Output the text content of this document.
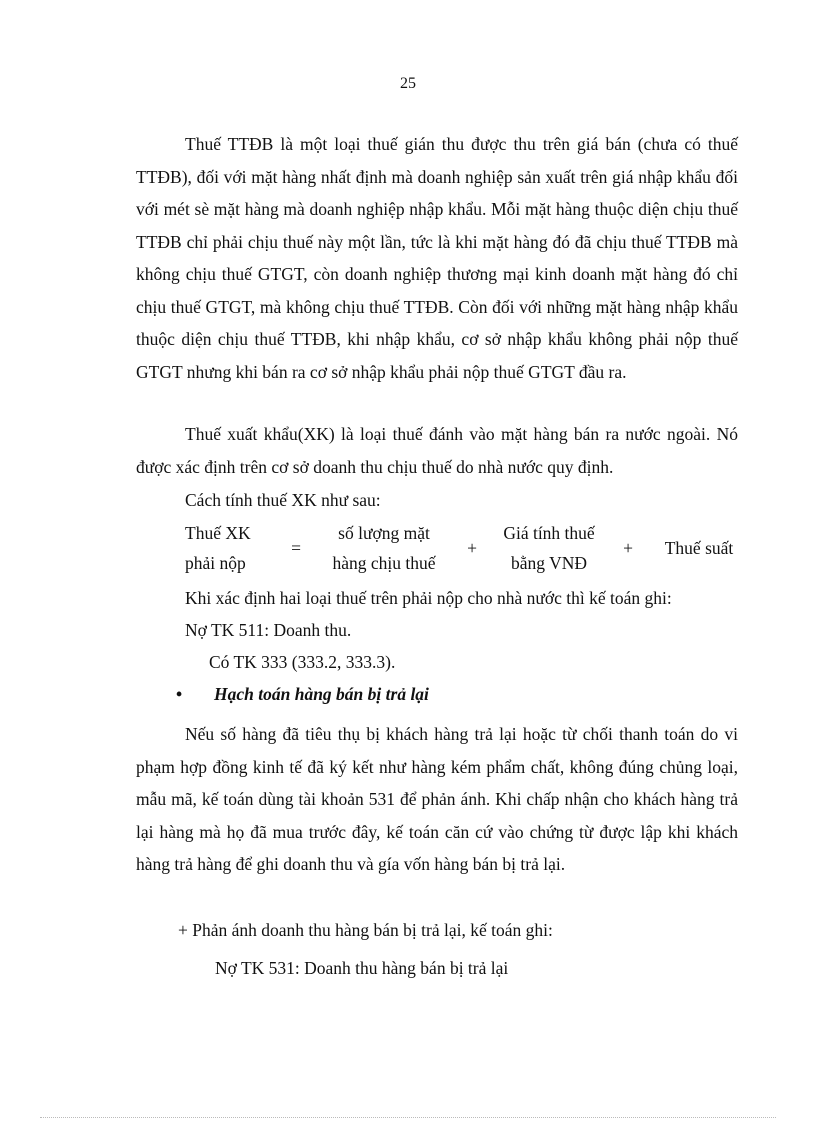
25

Thuế TTĐB là một loại thuế gián thu được thu trên giá bán (chưa có thuế TTĐB), đối với mặt hàng nhất định mà doanh nghiệp sản xuất trên giá nhập khẩu đối với mét sè mặt hàng mà doanh nghiệp nhập khẩu. Mỗi mặt hàng thuộc diện chịu thuế TTĐB chỉ phải chịu thuế này một lần, tức là khi mặt hàng đó đã chịu thuế TTĐB mà không chịu thuế GTGT, còn doanh nghiệp thương mại kinh doanh mặt hàng đó chỉ chịu thuế GTGT, mà không chịu thuế TTĐB. Còn đối với những mặt hàng nhập khẩu thuộc diện chịu thuế TTĐB, khi nhập khẩu, cơ sở nhập khẩu không phải nộp thuế GTGT nhưng khi bán ra cơ sở nhập khẩu phải nộp thuế GTGT đầu ra.

Thuế xuất khẩu(XK) là loại thuế đánh vào mặt hàng bán ra nước ngoài. Nó được xác định trên cơ sở doanh thu chịu thuế do nhà nước quy định.

Cách tính thuế XK như sau:

Thuế XK
phải nộp
=
số lượng mặt
hàng chịu thuế
+
Giá tính thuế
bằng VNĐ
+	Thuế suất

Khi xác định hai loại thuế trên phải nộp cho nhà nước thì kế toán ghi:

Nợ TK 511: Doanh thu.

Có TK 333 (333.2, 333.3).

• Hạch toán hàng bán bị trả lại

Nếu số hàng đã tiêu thụ bị khách hàng trả lại hoặc từ chối thanh toán do vi phạm hợp đồng kinh tế đã ký kết như hàng kém phẩm chất, không đúng chủng loại, mẫu mã, kế toán dùng tài khoản 531 để phản ánh. Khi chấp nhận cho khách hàng trả lại hàng mà họ đã mua trước đây, kế toán căn cứ vào chứng từ được lập khi khách hàng trả hàng để ghi doanh thu và gía vốn hàng bán bị trả lại.

+ Phản ánh doanh thu hàng bán bị trả lại, kế toán ghi:

Nợ TK 531: Doanh thu hàng bán bị trả lại
